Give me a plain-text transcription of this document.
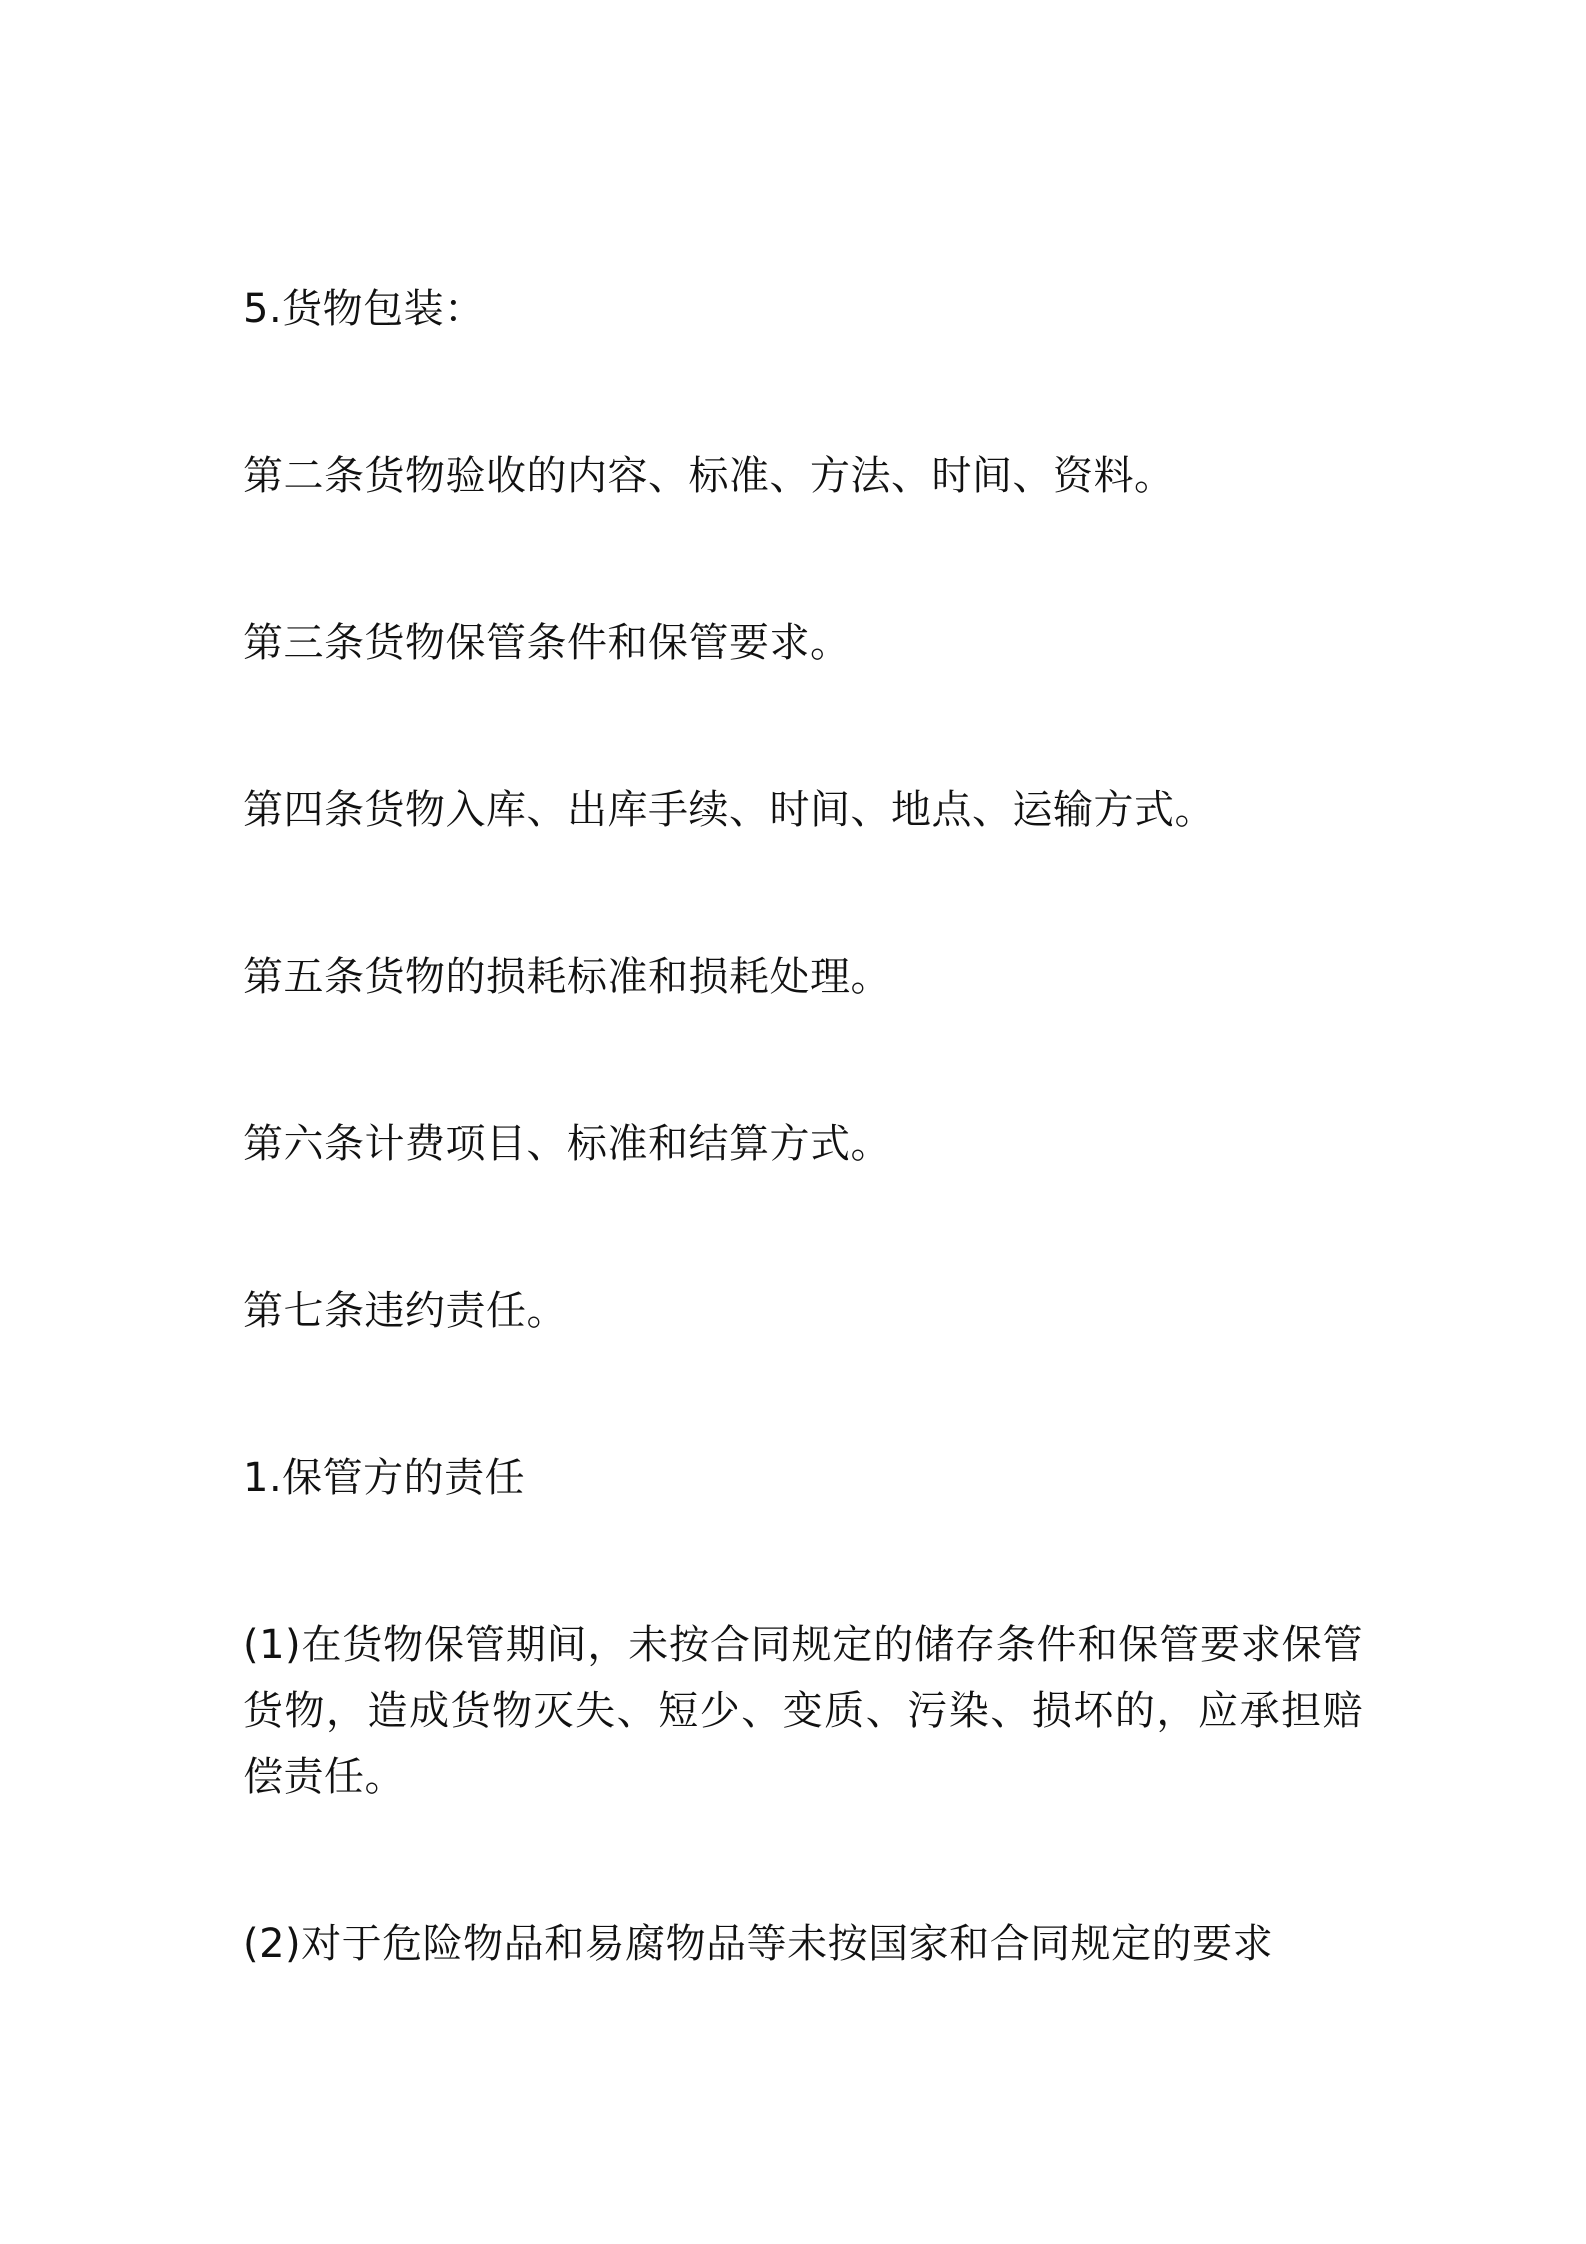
5.货物包装：

第二条货物验收的内容、标准、方法、时间、资料。

第三条货物保管条件和保管要求。

第四条货物入库、出库手续、时间、地点、运输方式。

第五条货物的损耗标准和损耗处理。

第六条计费项目、标准和结算方式。

第七条违约责任。

1.保管方的责任

(1)在货物保管期间，未按合同规定的储存条件和保管要求保管货物，造成货物灭失、短少、变质、污染、损坏的，应承担赔偿责任。

(2)对于危险物品和易腐物品等未按国家和合同规定的要求
